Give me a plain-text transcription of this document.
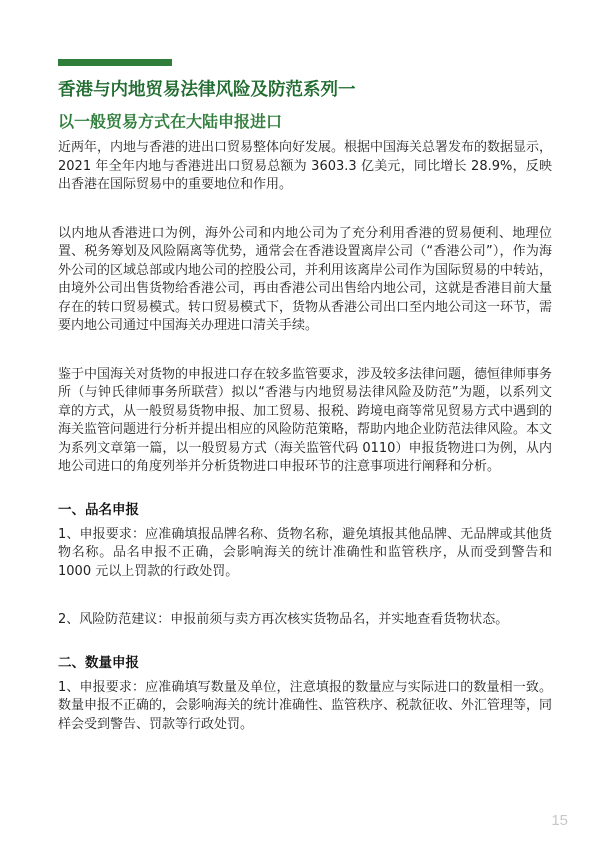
香港与内地贸易法律风险及防范系列一
以一般贸易方式在大陆申报进口

近两年，内地与香港的进出口贸易整体向好发展。根据中国海关总署发布的数据显示，2021 年全年内地与香港进出口贸易总额为 3603.3 亿美元，同比增长 28.9%，反映出香港在国际贸易中的重要地位和作用。

以内地从香港进口为例，海外公司和内地公司为了充分利用香港的贸易便利、地理位置、税务筹划及风险隔离等优势，通常会在香港设置离岸公司（“香港公司”），作为海外公司的区域总部或内地公司的控股公司，并利用该离岸公司作为国际贸易的中转站，由境外公司出售货物给香港公司，再由香港公司出售给内地公司，这就是香港目前大量存在的转口贸易模式。转口贸易模式下，货物从香港公司出口至内地公司这一环节，需要内地公司通过中国海关办理进口清关手续。

鉴于中国海关对货物的申报进口存在较多监管要求，涉及较多法律问题，德恒律师事务所（与钟氏律师事务所联营）拟以“香港与内地贸易法律风险及防范”为题，以系列文章的方式，从一般贸易货物申报、加工贸易、报税、跨境电商等常见贸易方式中遇到的海关监管问题进行分析并提出相应的风险防范策略，帮助内地企业防范法律风险。本文为系列文章第一篇，以一般贸易方式（海关监管代码 0110）申报货物进口为例，从内地公司进口的角度列举并分析货物进口申报环节的注意事项进行阐释和分析。

一、品名申报

1、申报要求：应准确填报品牌名称、货物名称，避免填报其他品牌、无品牌或其他货物名称。品名申报不正确，会影响海关的统计准确性和监管秩序，从而受到警告和 1000 元以上罚款的行政处罚。

2、风险防范建议：申报前须与卖方再次核实货物品名，并实地查看货物状态。

二、数量申报

1、申报要求：应准确填写数量及单位，注意填报的数量应与实际进口的数量相一致。数量申报不正确的，会影响海关的统计准确性、监管秩序、税款征收、外汇管理等，同样会受到警告、罚款等行政处罚。

15
